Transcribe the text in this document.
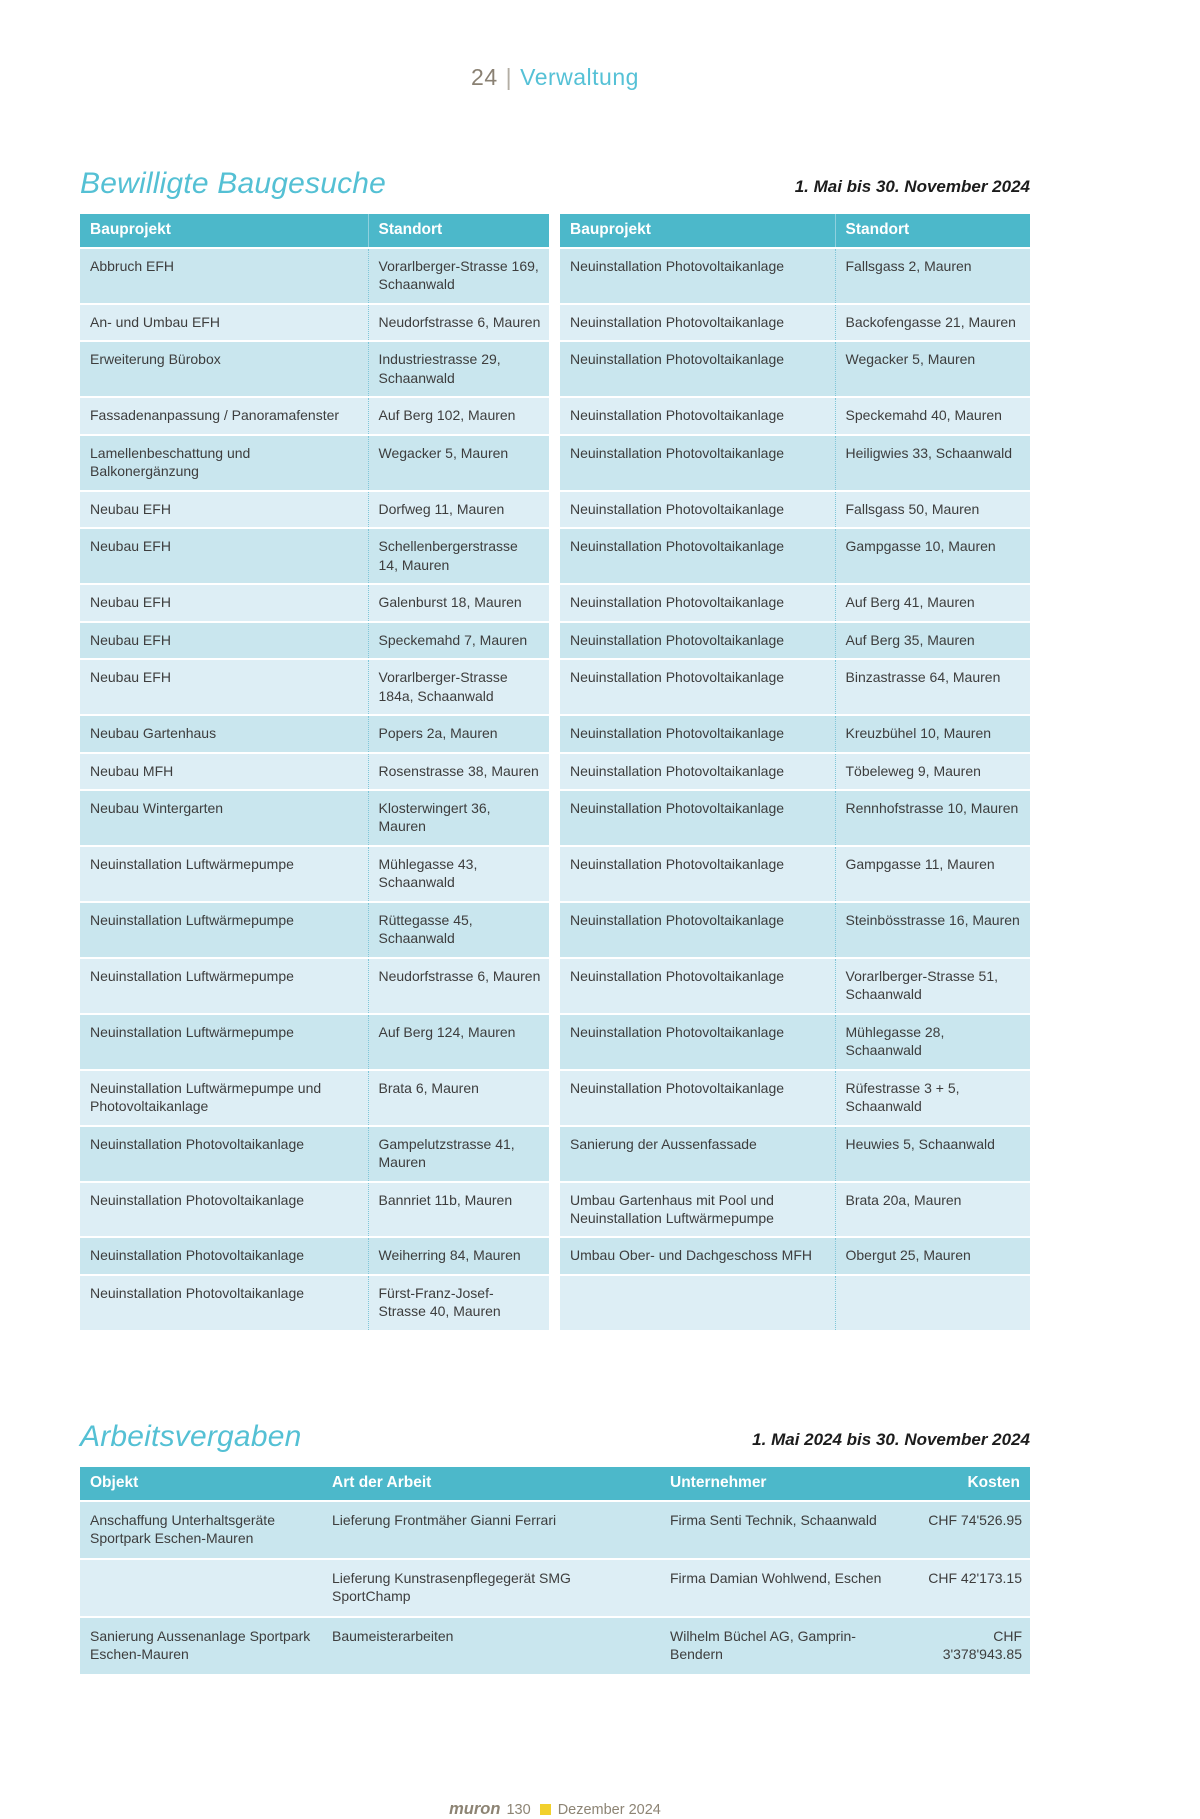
24 | Verwaltung
Bewilligte Baugesuche	1. Mai bis 30. November 2024
Bauprojekt	Standort		Bauprojekt	Standort
Abbruch EFH	Vorarlberger-Strasse 169, Schaanwald		Neuinstallation Photovoltaikanlage	Fallsgass 2, Mauren
An- und Umbau EFH	Neudorfstrasse 6, Mauren		Neuinstallation Photovoltaikanlage	Backofengasse 21, Mauren
Erweiterung Bürobox	Industriestrasse 29, Schaanwald		Neuinstallation Photovoltaikanlage	Wegacker 5, Mauren
Fassadenanpassung / Panoramafenster	Auf Berg 102, Mauren		Neuinstallation Photovoltaikanlage	Speckemahd 40, Mauren
Lamellenbeschattung und Balkonergänzung	Wegacker 5, Mauren		Neuinstallation Photovoltaikanlage	Heiligwies 33, Schaanwald
Neubau EFH	Dorfweg 11, Mauren		Neuinstallation Photovoltaikanlage	Fallsgass 50, Mauren
Neubau EFH	Schellenbergerstrasse 14, Mauren		Neuinstallation Photovoltaikanlage	Gampgasse 10, Mauren
Neubau EFH	Galenburst 18, Mauren		Neuinstallation Photovoltaikanlage	Auf Berg 41, Mauren
Neubau EFH	Speckemahd 7, Mauren		Neuinstallation Photovoltaikanlage	Auf Berg 35, Mauren
Neubau EFH	Vorarlberger-Strasse 184a, Schaanwald		Neuinstallation Photovoltaikanlage	Binzastrasse 64, Mauren
Neubau Gartenhaus	Popers 2a, Mauren		Neuinstallation Photovoltaikanlage	Kreuzbühel 10, Mauren
Neubau MFH	Rosenstrasse 38, Mauren		Neuinstallation Photovoltaikanlage	Töbeleweg 9, Mauren
Neubau Wintergarten	Klosterwingert 36, Mauren		Neuinstallation Photovoltaikanlage	Rennhofstrasse 10, Mauren
Neuinstallation Luftwärmepumpe	Mühlegasse 43, Schaanwald		Neuinstallation Photovoltaikanlage	Gampgasse 11, Mauren
Neuinstallation Luftwärmepumpe	Rüttegasse 45, Schaanwald		Neuinstallation Photovoltaikanlage	Steinbösstrasse 16, Mauren
Neuinstallation Luftwärmepumpe	Neudorfstrasse 6, Mauren		Neuinstallation Photovoltaikanlage	Vorarlberger-Strasse 51, Schaanwald
Neuinstallation Luftwärmepumpe	Auf Berg 124, Mauren		Neuinstallation Photovoltaikanlage	Mühlegasse 28, Schaanwald
Neuinstallation Luftwärmepumpe und Photovoltaikanlage	Brata 6, Mauren		Neuinstallation Photovoltaikanlage	Rüfestrasse 3 + 5, Schaanwald
Neuinstallation Photovoltaikanlage	Gampelutzstrasse 41, Mauren		Sanierung der Aussenfassade	Heuwies 5, Schaanwald
Neuinstallation Photovoltaikanlage	Bannriet 11b, Mauren		Umbau Gartenhaus mit Pool und Neuinstallation Luftwärmepumpe	Brata 20a, Mauren
Neuinstallation Photovoltaikanlage	Weiherring 84, Mauren		Umbau Ober- und Dachgeschoss MFH	Obergut 25, Mauren
Neuinstallation Photovoltaikanlage	Fürst-Franz-Josef-Strasse 40, Mauren			
Arbeitsvergaben	1. Mai 2024 bis 30. November 2024
Objekt	Art der Arbeit	Unternehmer	Kosten
Anschaffung Unterhaltsgeräte Sportpark Eschen-Mauren	Lieferung Frontmäher Gianni Ferrari	Firma Senti Technik, Schaanwald	CHF 74'526.95
	Lieferung Kunstrasenpflegegerät SMG SportChamp	Firma Damian Wohlwend, Eschen	CHF 42'173.15
Sanierung Aussenanlage Sportpark Eschen-Mauren	Baumeisterarbeiten	Wilhelm Büchel AG, Gamprin-Bendern	CHF 3'378'943.85
muron 130 Dezember 2024
